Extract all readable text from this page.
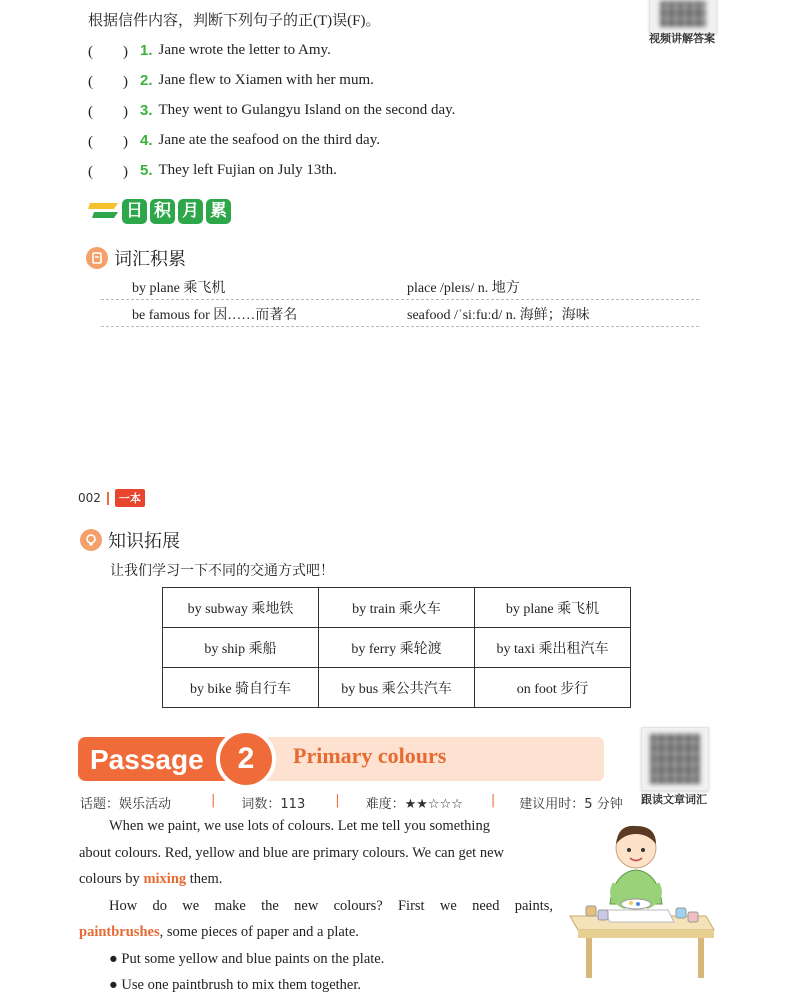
视频讲解答案
根据信件内容，判断下列句子的正(T)误(F)。
(　　) 1. Jane wrote the letter to Amy.
(　　) 2. Jane flew to Xiamen with her mum.
(　　) 3. They went to Gulangyu Island on the second day.
(　　) 4. Jane ate the seafood on the third day.
(　　) 5. They left Fujian on July 13th.
日 积 月 累
词汇积累
by plane 乘飞机	place /pleɪs/ n. 地方
be famous for 因……而著名	seafood /ˈsiːfuːd/ n. 海鲜；海味
002	一本
知识拓展
让我们学习一下不同的交通方式吧！
by subway 乘地铁	by train 乘火车	by plane 乘飞机
by ship 乘船	by ferry 乘轮渡	by taxi 乘出租汽车
by bike 骑自行车	by bus 乘公共汽车	on foot 步行
Passage	2	Primary colours
跟读文章词汇
话题：娱乐活动	| 词数：113 | 难度：★★☆☆☆ | 建议用时：5 分钟
When we paint, we use lots of colours. Let me tell you something
about colours. Red, yellow and blue are primary colours. We can get new
colours by mixing them.
How do we make the new colours? First we need paints,
paintbrushes, some pieces of paper and a plate.
● Put some yellow and blue paints on the plate.
● Use one paintbrush to mix them together.
